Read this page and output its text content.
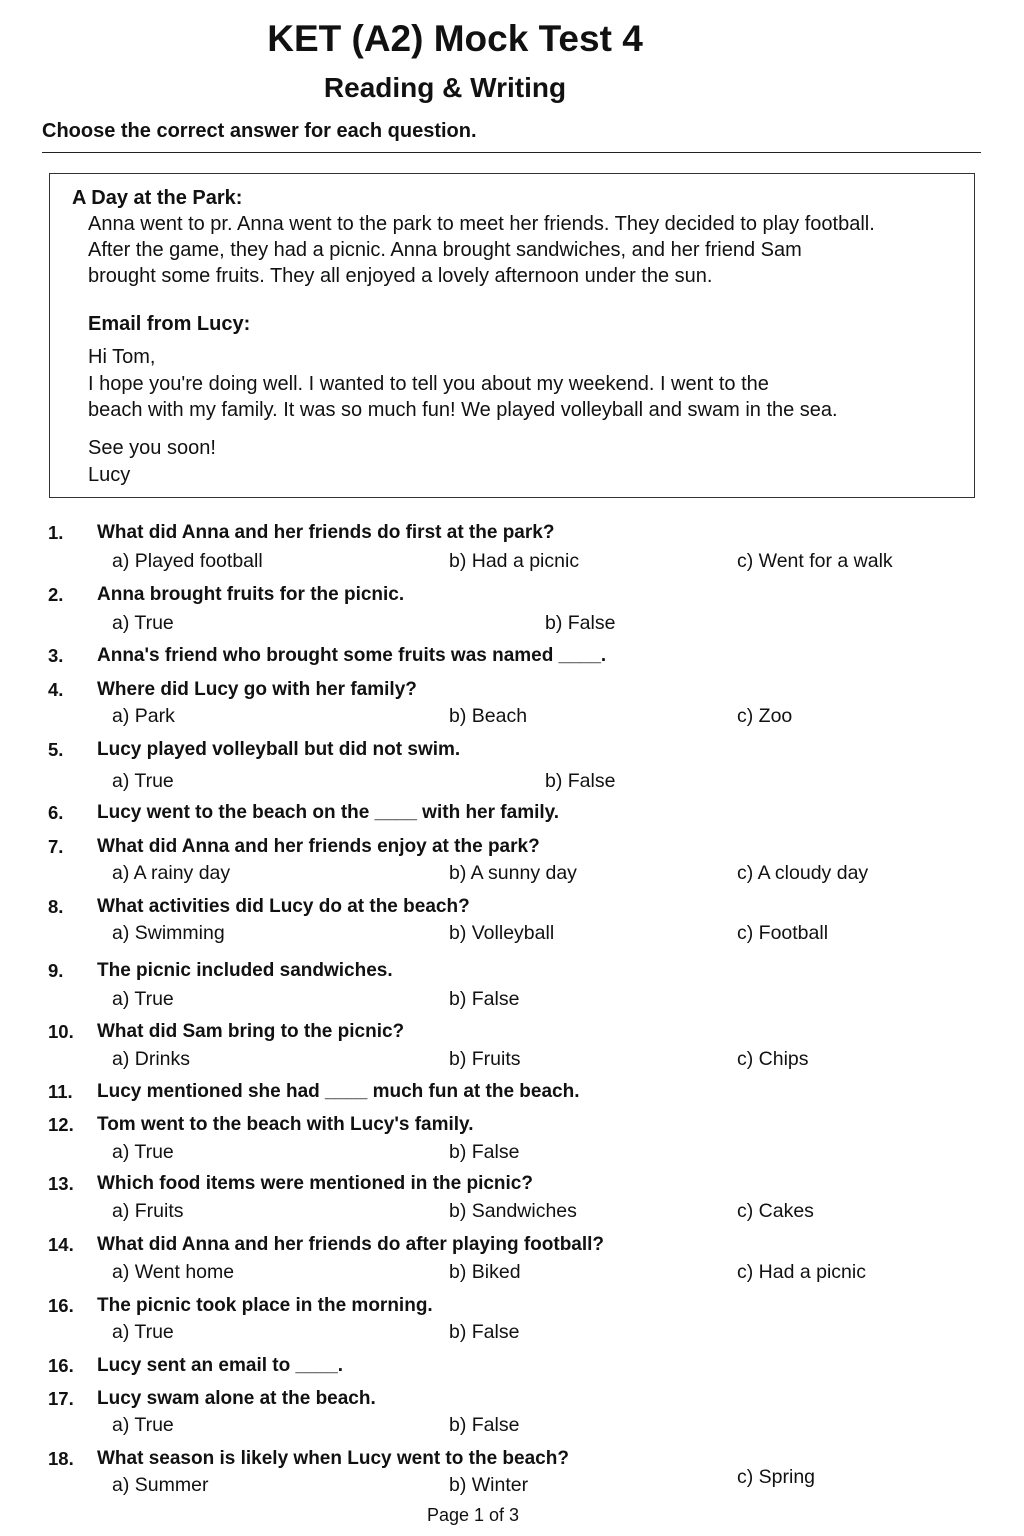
KET (A2) Mock Test 4
Reading & Writing

Choose the correct answer for each question.

A Day at the Park:

Anna went to pr. Anna went to the park to meet her friends. They decided to play football.

After the game, they had a picnic. Anna brought sandwiches, and her friend Sam

brought some fruits. They all enjoyed a lovely afternoon under the sun.

Email from Lucy:

Hi Tom,

I hope you're doing well. I wanted to tell you about my weekend. I went to the

beach with my family. It was so much fun! We played volleyball and swam in the sea.

See you soon!

Lucy

1. What did Anna and her friends do first at the park?
a) Played football	b) Had a picnic	c) Went for a walk
2. Anna brought fruits for the picnic.
a) True	b) False
3. Anna's friend who brought some fruits was named ____.
4. Where did Lucy go with her family?
a) Park	b) Beach	c) Zoo
5. Lucy played volleyball but did not swim.
a) True	b) False
6. Lucy went to the beach on the ____ with her family.
7. What did Anna and her friends enjoy at the park?
a) A rainy day	b) A sunny day	c) A cloudy day
8. What activities did Lucy do at the beach?
a) Swimming	b) Volleyball	c) Football
9. The picnic included sandwiches.
a) True	b) False
10. What did Sam bring to the picnic?
a) Drinks	b) Fruits	c) Chips
11. Lucy mentioned she had ____ much fun at the beach.
12. Tom went to the beach with Lucy's family.
a) True	b) False
13. Which food items were mentioned in the picnic?
a) Fruits	b) Sandwiches	c) Cakes
14. What did Anna and her friends do after playing football?
a) Went home	b) Biked	c) Had a picnic
16. The picnic took place in the morning.
a) True	b) False
16. Lucy sent an email to ____.
17. Lucy swam alone at the beach.
a) True	b) False
18. What season is likely when Lucy went to the beach?
a) Summer	b) Winter	c) Spring
Page 1 of 3
